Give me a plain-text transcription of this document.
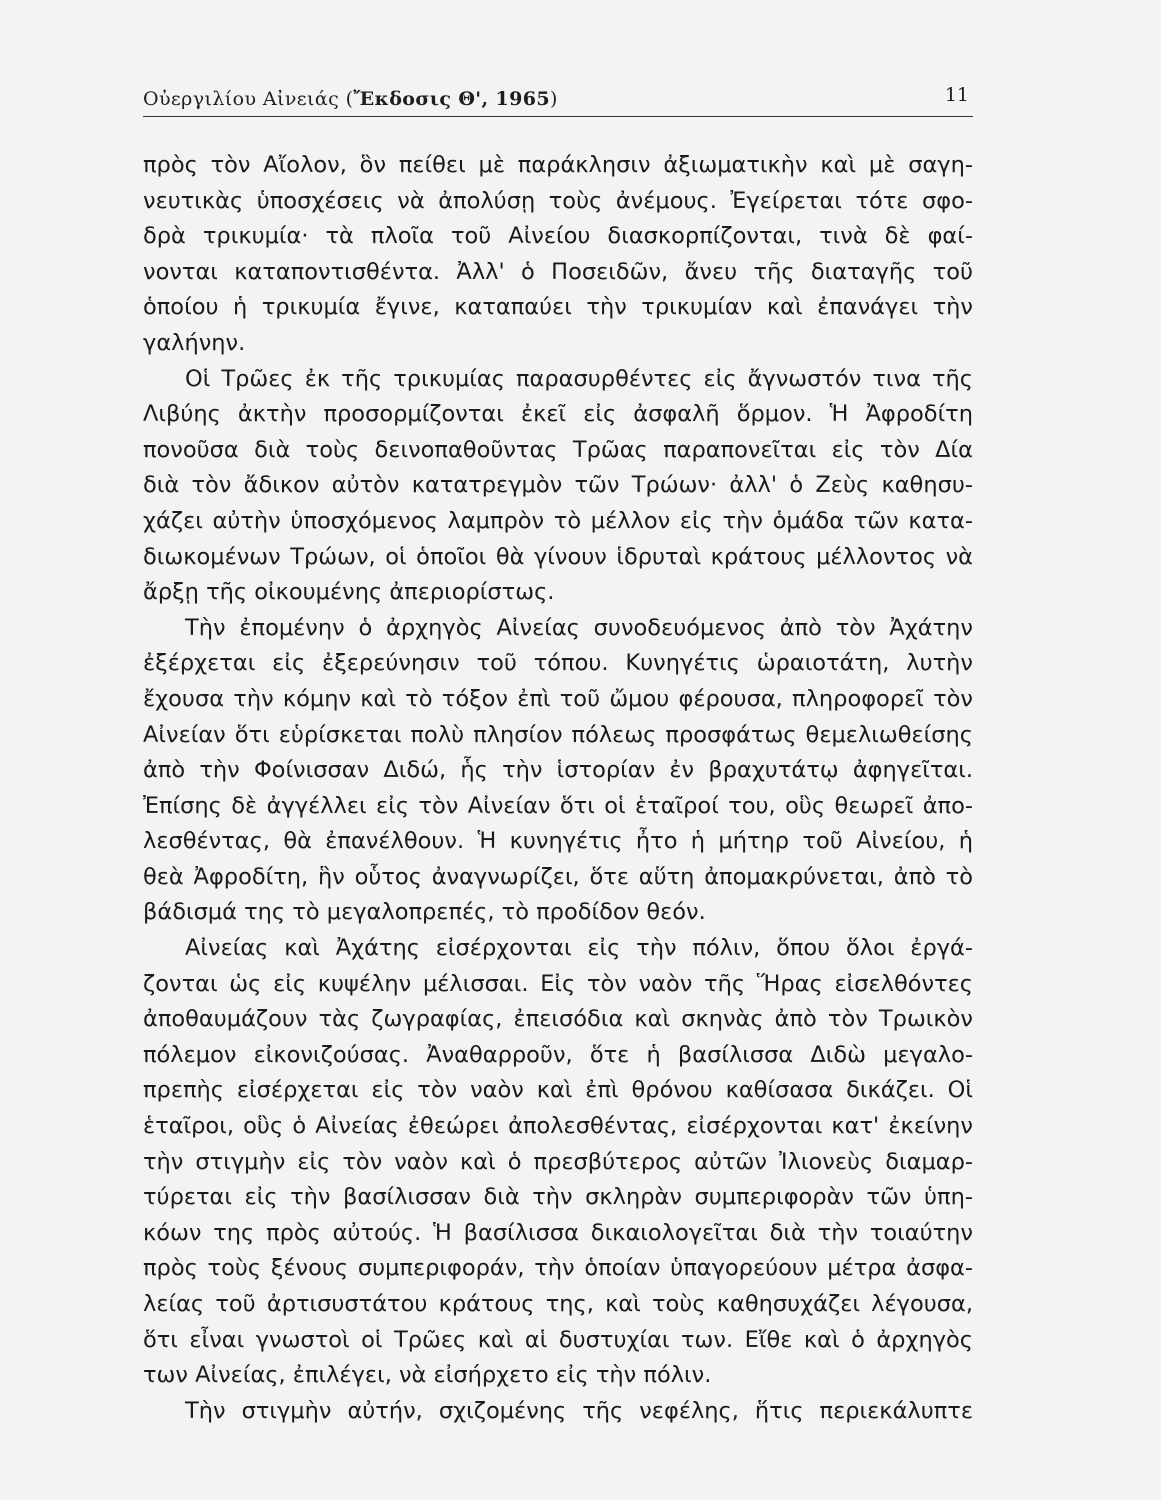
Οὐεργιλίου Αἰνειάς (Ἔκδοσις Θ', 1965)	11
πρὸς τὸν Αἴολον, ὃν πείθει μὲ παράκλησιν ἀξιωματικὴν καὶ μὲ σαγη-
νευτικὰς ὑποσχέσεις νὰ ἀπολύσῃ τοὺς ἀνέμους. Ἐγείρεται τότε σφο-
δρὰ τρικυμία· τὰ πλοῖα τοῦ Αἰνείου διασκορπίζονται, τινὰ δὲ φαί-
νονται καταποντισθέντα. Ἀλλ' ὁ Ποσειδῶν, ἄνευ τῆς διαταγῆς τοῦ
ὁποίου ἡ τρικυμία ἔγινε, καταπαύει τὴν τρικυμίαν καὶ ἐπανάγει τὴν
γαλήνην.
Οἱ Τρῶες ἐκ τῆς τρικυμίας παρασυρθέντες εἰς ἄγνωστόν τινα τῆς
Λιβύης ἀκτὴν προσορμίζονται ἐκεῖ εἰς ἀσφαλῆ ὅρμον. Ἡ Ἀφροδίτη
πονοῦσα διὰ τοὺς δεινοπαθοῦντας Τρῶας παραπονεῖται εἰς τὸν Δία
διὰ τὸν ἄδικον αὐτὸν κατατρεγμὸν τῶν Τρώων· ἀλλ' ὁ Ζεὺς καθησυ-
χάζει αὐτὴν ὑποσχόμενος λαμπρὸν τὸ μέλλον εἰς τὴν ὁμάδα τῶν κατα-
διωκομένων Τρώων, οἱ ὁποῖοι θὰ γίνουν ἱδρυταὶ κράτους μέλλοντος νὰ
ἄρξῃ τῆς οἰκουμένης ἀπεριορίστως.
Τὴν ἐπομένην ὁ ἀρχηγὸς Αἰνείας συνοδευόμενος ἀπὸ τὸν Ἀχάτην
ἐξέρχεται εἰς ἐξερεύνησιν τοῦ τόπου. Κυνηγέτις ὡραιοτάτη, λυτὴν
ἔχουσα τὴν κόμην καὶ τὸ τόξον ἐπὶ τοῦ ὤμου φέρουσα, πληροφορεῖ τὸν
Αἰνείαν ὅτι εὑρίσκεται πολὺ πλησίον πόλεως προσφάτως θεμελιωθείσης
ἀπὸ τὴν Φοίνισσαν Διδώ, ἧς τὴν ἱστορίαν ἐν βραχυτάτῳ ἀφηγεῖται.
Ἐπίσης δὲ ἀγγέλλει εἰς τὸν Αἰνείαν ὅτι οἱ ἑταῖροί του, οὓς θεωρεῖ ἀπο-
λεσθέντας, θὰ ἐπανέλθουν. Ἡ κυνηγέτις ἦτο ἡ μήτηρ τοῦ Αἰνείου, ἡ
θεὰ Ἀφροδίτη, ἣν οὗτος ἀναγνωρίζει, ὅτε αὕτη ἀπομακρύνεται, ἀπὸ τὸ
βάδισμά της τὸ μεγαλοπρεπές, τὸ προδίδον θεόν.
Αἰνείας καὶ Ἀχάτης εἰσέρχονται εἰς τὴν πόλιν, ὅπου ὅλοι ἐργά-
ζονται ὡς εἰς κυψέλην μέλισσαι. Εἰς τὸν ναὸν τῆς Ἥρας εἰσελθόντες
ἀποθαυμάζουν τὰς ζωγραφίας, ἐπεισόδια καὶ σκηνὰς ἀπὸ τὸν Τρωικὸν
πόλεμον εἰκονιζούσας. Ἀναθαρροῦν, ὅτε ἡ βασίλισσα Διδὼ μεγαλο-
πρεπὴς εἰσέρχεται εἰς τὸν ναὸν καὶ ἐπὶ θρόνου καθίσασα δικάζει. Οἱ
ἑταῖροι, οὓς ὁ Αἰνείας ἐθεώρει ἀπολεσθέντας, εἰσέρχονται κατ' ἐκείνην
τὴν στιγμὴν εἰς τὸν ναὸν καὶ ὁ πρεσβύτερος αὐτῶν Ἰλιονεὺς διαμαρ-
τύρεται εἰς τὴν βασίλισσαν διὰ τὴν σκληρὰν συμπεριφορὰν τῶν ὑπη-
κόων της πρὸς αὐτούς. Ἡ βασίλισσα δικαιολογεῖται διὰ τὴν τοιαύτην
πρὸς τοὺς ξένους συμπεριφοράν, τὴν ὁποίαν ὑπαγορεύουν μέτρα ἀσφα-
λείας τοῦ ἀρτισυστάτου κράτους της, καὶ τοὺς καθησυχάζει λέγουσα,
ὅτι εἶναι γνωστοὶ οἱ Τρῶες καὶ αἱ δυστυχίαι των. Εἴθε καὶ ὁ ἀρχηγὸς
των Αἰνείας, ἐπιλέγει, νὰ εἰσήρχετο εἰς τὴν πόλιν.
Τὴν στιγμὴν αὐτήν, σχιζομένης τῆς νεφέλης, ἥτις περιεκάλυπτε
